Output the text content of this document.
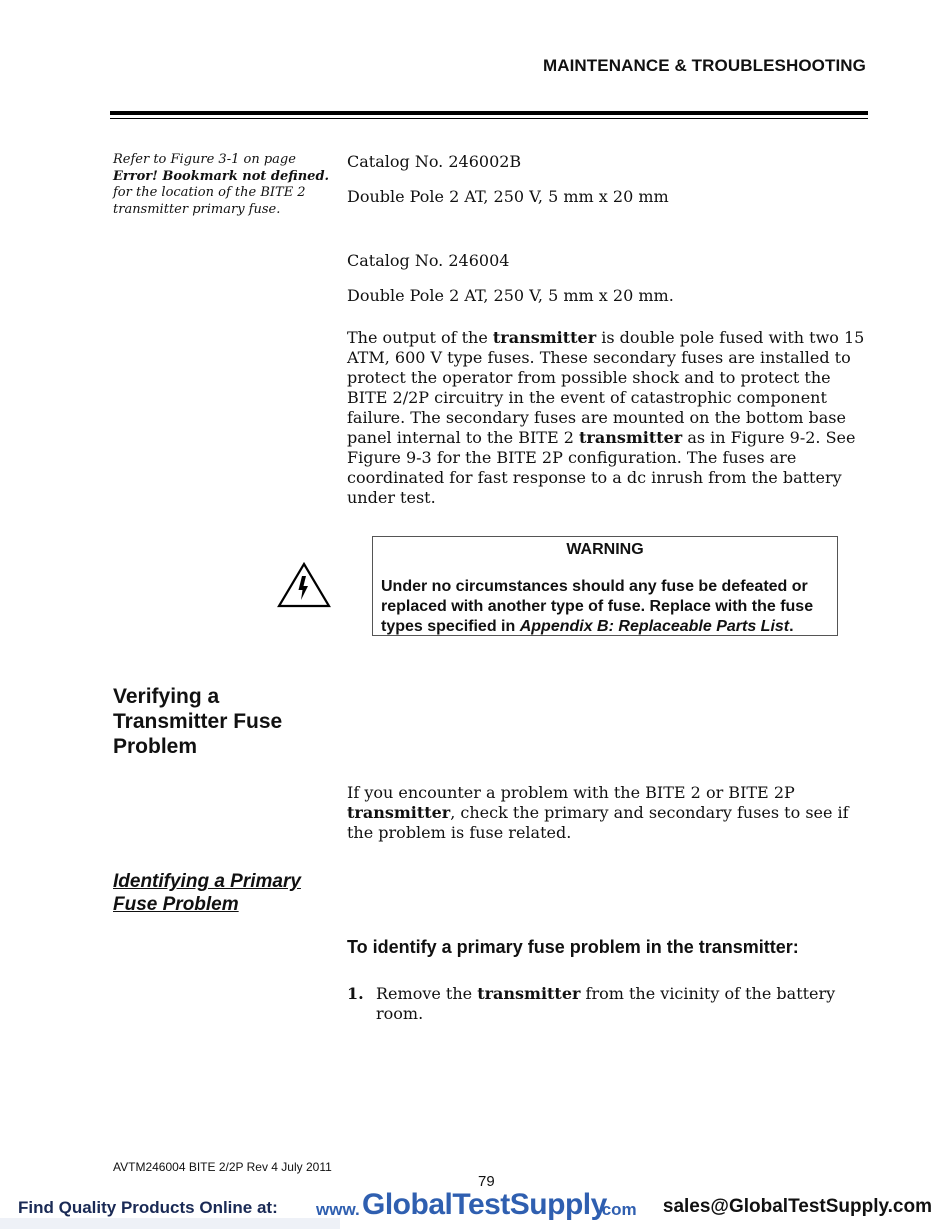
MAINTENANCE & TROUBLESHOOTING
Refer to Figure 3-1 on page Error! Bookmark not defined. for the location of the BITE 2 transmitter primary fuse.
Catalog No. 246002B
Double Pole 2 AT, 250 V, 5 mm x 20 mm
Catalog No. 246004
Double Pole 2 AT, 250 V, 5 mm x 20 mm.
The output of the transmitter is double pole fused with two 15 ATM, 600 V type fuses. These secondary fuses are installed to protect the operator from possible shock and to protect the BITE 2/2P circuitry in the event of catastrophic component failure. The secondary fuses are mounted on the bottom base panel internal to the BITE 2 transmitter as in Figure 9-2. See Figure 9-3 for the BITE 2P configuration. The fuses are coordinated for fast response to a dc inrush from the battery under test.
WARNING
Under no circumstances should any fuse be defeated or replaced with another type of fuse. Replace with the fuse types specified in Appendix B: Replaceable Parts List.
Verifying a Transmitter Fuse Problem
If you encounter a problem with the BITE 2 or BITE 2P transmitter, check the primary and secondary fuses to see if the problem is fuse related.
Identifying a Primary Fuse Problem
To identify a primary fuse problem in the transmitter:
1. Remove the transmitter from the vicinity of the battery room.
AVTM246004 BITE 2/2P Rev 4 July 2011
79
Find Quality Products Online at: www. GlobalTestSupply
.com sales@GlobalTestSupply.com
